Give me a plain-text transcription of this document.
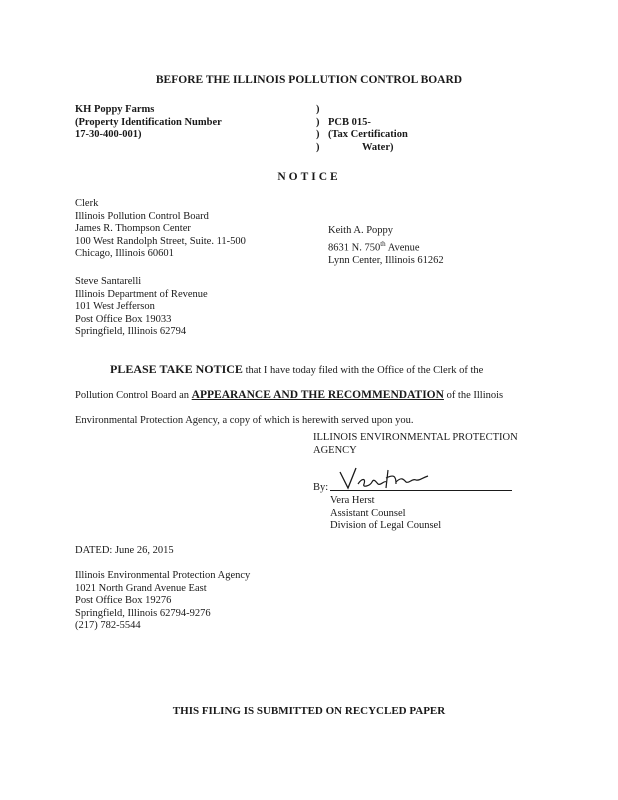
BEFORE THE ILLINOIS POLLUTION CONTROL BOARD
KH Poppy Farms
(Property Identification Number
17-30-400-001)
)
) PCB 015-
) (Tax Certification
)	Water)
NOTICE
Clerk
Illinois Pollution Control Board
James R. Thompson Center
100 West Randolph Street, Suite. 11-500
Chicago, Illinois 60601
Keith A. Poppy
8631 N. 750th Avenue
Lynn Center, Illinois 61262
Steve Santarelli
Illinois Department of Revenue
101 West Jefferson
Post Office Box 19033
Springfield, Illinois 62794
PLEASE TAKE NOTICE that I have today filed with the Office of the Clerk of the
Pollution Control Board an APPEARANCE AND THE RECOMMENDATION of the Illinois
Environmental Protection Agency, a copy of which is herewith served upon you.
ILLINOIS ENVIRONMENTAL PROTECTION
AGENCY
By:
Vera Herst
Assistant Counsel
Division of Legal Counsel
DATED: June 26, 2015
Illinois Environmental Protection Agency
1021 North Grand Avenue East
Post Office Box 19276
Springfield, Illinois 62794-9276
(217) 782-5544
THIS FILING IS SUBMITTED ON RECYCLED PAPER
